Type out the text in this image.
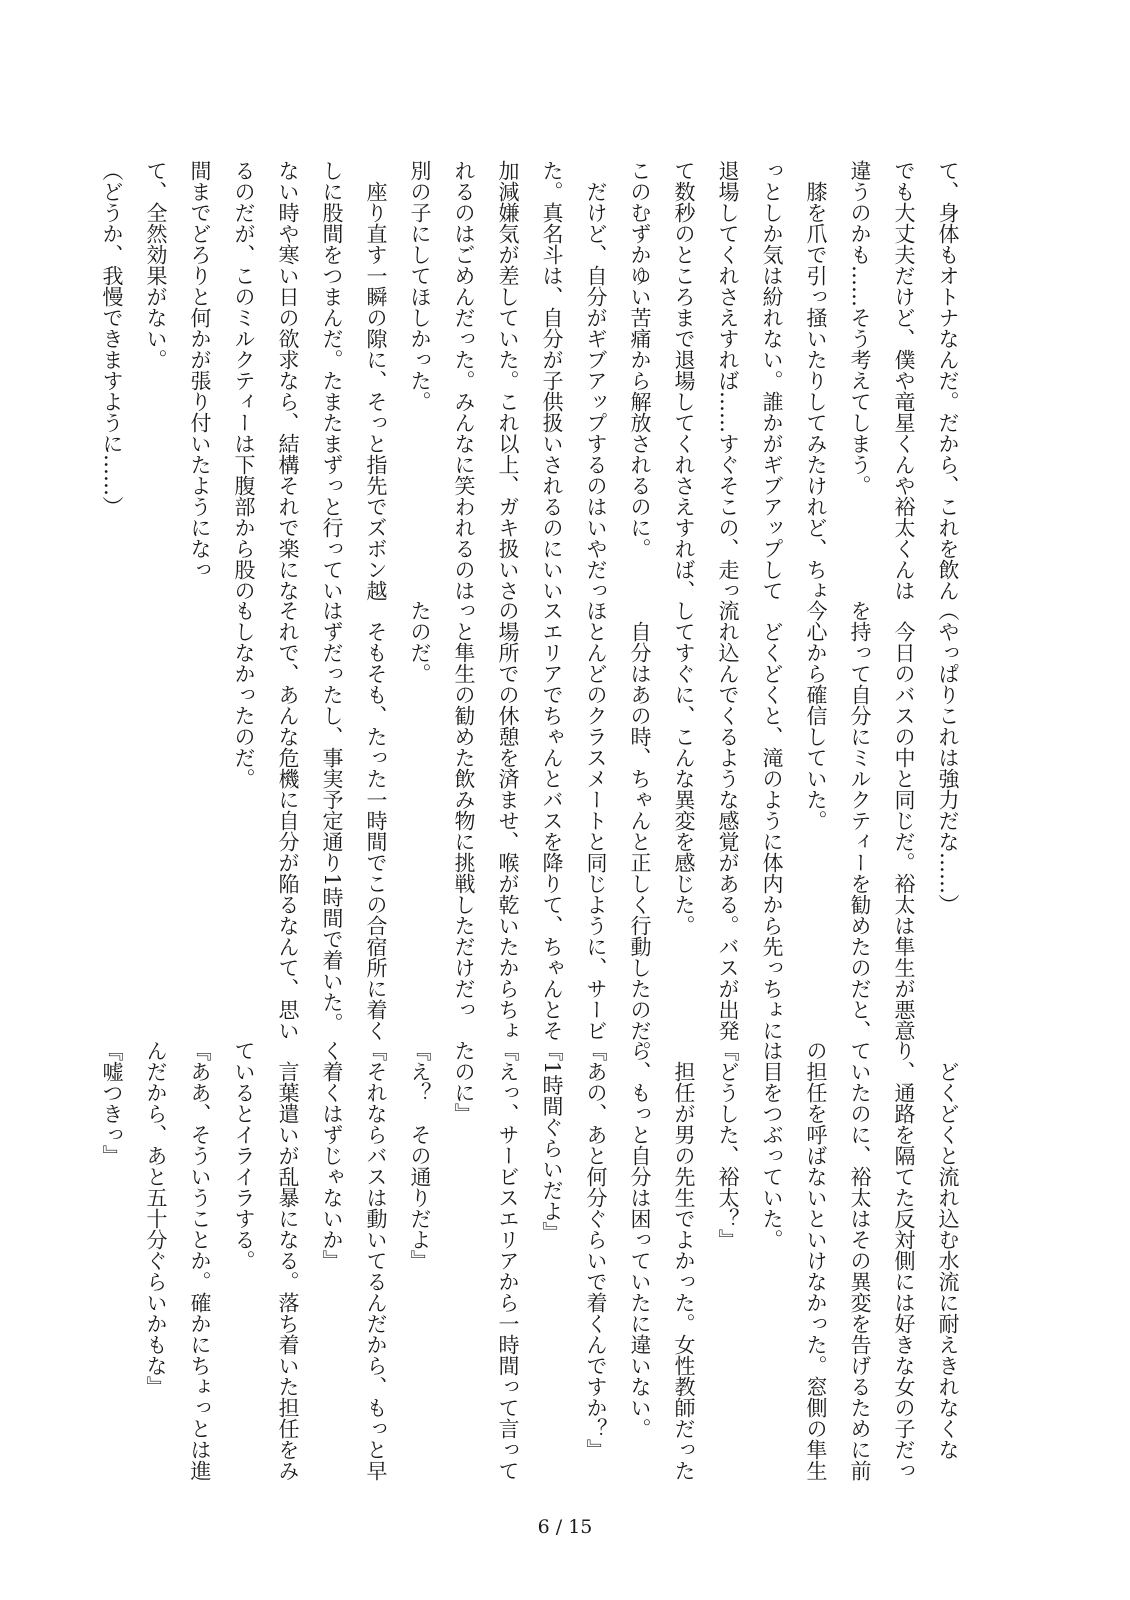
て、身体もオトナなんだ。だから、これを飲ん

でも大丈夫だけど、僕や竜星くんや裕太くんは

違うのかも……そう考えてしまう。

　膝を爪で引っ掻いたりしてみたけれど、ちょ

っとしか気は紛れない。誰かがギブアップして

退場してくれさえすれば……すぐそこの、走っ

て数秒のところまで退場してくれさえすれば、

このむずかゆい苦痛から解放されるのに。

　だけど、自分がギブアップするのはいやだっ

た。真名斗は、自分が子供扱いされるのにいい

加減嫌気が差していた。これ以上、ガキ扱いさ

れるのはごめんだった。みんなに笑われるのは

別の子にしてほしかった。

　座り直す一瞬の隙に、そっと指先でズボン越

しに股間をつまんだ。たまたまずっと行ってい

ない時や寒い日の欲求なら、結構それで楽にな

るのだが、このミルクティーは下腹部から股の

間までどろりと何かが張り付いたようになっ

て、全然効果がない。

（どうか、我慢できますように……）

（やっぱりこれは強力だな……）

　今日のバスの中と同じだ。裕太は隼生が悪意

を持って自分にミルクティーを勧めたのだと、

今心から確信していた。

　どくどくと、滝のように体内から先っちょに

流れ込んでくるような感覚がある。バスが出発

してすぐに、こんな異変を感じた。

　自分はあの時、ちゃんと正しく行動したのだ。

ほとんどのクラスメートと同じように、サービ

スエリアでちゃんとバスを降りて、ちゃんとそ

の場所での休憩を済ませ、喉が乾いたからちょ

っと隼生の勧めた飲み物に挑戦しただけだっ

たのだ。

　そもそも、たった一時間でこの合宿所に着く

はずだったし、事実予定通り1時間で着いた。

それで、あんな危機に自分が陥るなんて、思い

もしなかったのだ。

　どくどくと流れ込む水流に耐えきれなくな

り、通路を隔てた反対側には好きな女の子だっ

ていたのに、裕太はその異変を告げるために前

の担任を呼ばないといけなかった。窓側の隼生

は目をつぶっていた。

『どうした、裕太？』

　担任が男の先生でよかった。女性教師だった

ら、もっと自分は困っていたに違いない。

『あの、あと何分ぐらいで着くんですか？』

『1時間ぐらいだよ』

『えっ、サービスエリアから一時間って言って

たのに』

『え？　その通りだよ』

『それならバスは動いてるんだから、もっと早

く着くはずじゃないか』

　言葉遣いが乱暴になる。落ち着いた担任をみ

ているとイライラする。

『ああ、そういうことか。確かにちょっとは進

んだから、あと五十分ぐらいかもな』

『嘘つきっ』

6 / 15
